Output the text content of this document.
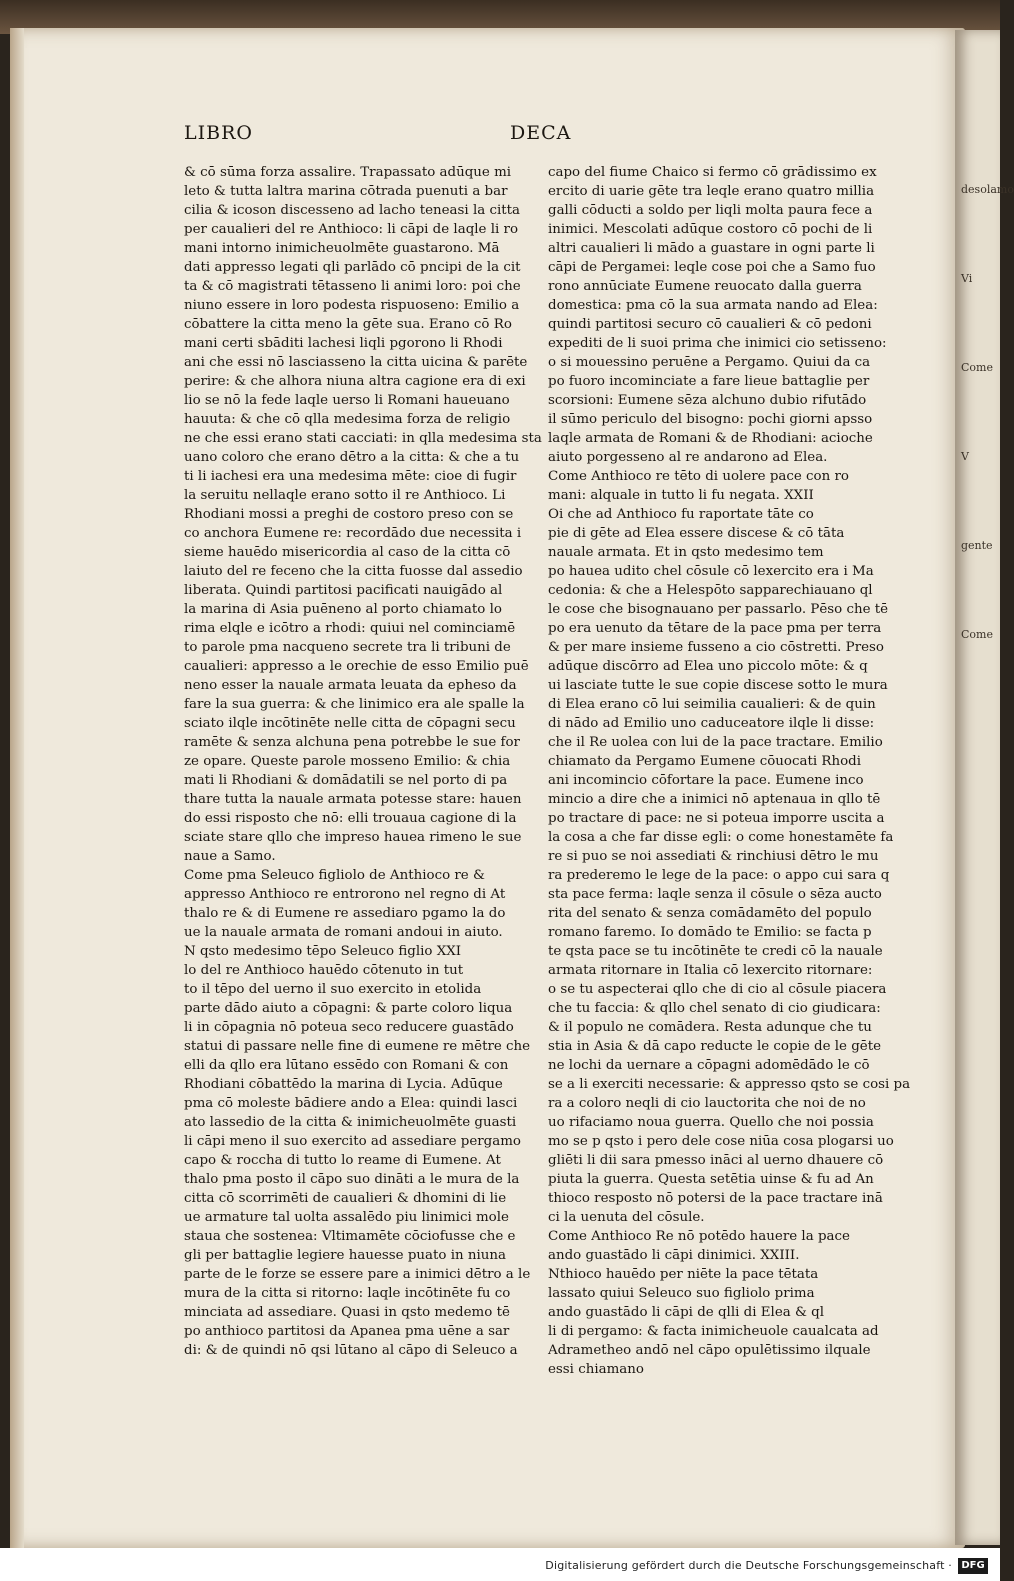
desolamo
Vi
Come
V
gente
Come
LIBRO	DECA
& cō sūma forza assalire. Trapassato adūque mi
leto & tutta laltra marina cōtrada puenuti a bar
cilia & icoson discesseno ad lacho teneasi la citta
per caualieri del re Anthioco: li cāpi de laqle li ro
mani intorno inimicheuolmēte guastarono. Mā
dati appresso legati qli parlādo cō pncipi de la cit
ta & cō magistrati tētasseno li animi loro: poi che
niuno essere in loro podesta rispuoseno: Emilio a
cōbattere la citta meno la gēte sua. Erano cō Ro
mani certi sbāditi lachesi liqli pgorono li Rhodi
ani che essi nō lasciasseno la citta uicina & parēte
perire: & che alhora niuna altra cagione era di exi
lio se nō la fede laqle uerso li Romani haueuano
hauuta: & che cō qlla medesima forza de religio
ne che essi erano stati cacciati: in qlla medesima sta
uano coloro che erano dētro a la citta: & che a tu
ti li iachesi era una medesima mēte: cioe di fugir
la seruitu nellaqle erano sotto il re Anthioco. Li
Rhodiani mossi a preghi de costoro preso con se
co anchora Eumene re: recordādo due necessita i
sieme hauēdo misericordia al caso de la citta cō
laiuto del re feceno che la citta fuosse dal assedio
liberata. Quindi partitosi pacificati nauigādo al
la marina di Asia puēneno al porto chiamato lo
rima elqle e icōtro a rhodi: quiui nel cominciamē
to parole pma nacqueno secrete tra li tribuni de
caualieri: appresso a le orechie de esso Emilio puē
neno esser la nauale armata leuata da epheso da
fare la sua guerra: & che linimico era ale spalle la
sciato ilqle incōtinēte nelle citta de cōpagni secu
ramēte & senza alchuna pena potrebbe le sue for
ze opare. Queste parole mosseno Emilio: & chia
mati li Rhodiani & domādatili se nel porto di pa
thare tutta la nauale armata potesse stare: hauen
do essi risposto che nō: elli trouaua cagione di la
sciate stare qllo che impreso hauea rimeno le sue
naue a Samo.
Come pma Seleuco figliolo de Anthioco re &
appresso Anthioco re entrorono nel regno di At
thalo re & di Eumene re assediaro pgamo la do
ue la nauale armata de romani andoui in aiuto.
N qsto medesimo tēpo Seleuco figlio XXI
lo del re Anthioco hauēdo cōtenuto in tut
to il tēpo del uerno il suo exercito in etolida
parte dādo aiuto a cōpagni: & parte coloro liqua
li in cōpagnia nō poteua seco reducere guastādo
statui di passare nelle fine di eumene re mētre che
elli da qllo era lūtano essēdo con Romani & con
Rhodiani cōbattēdo la marina di Lycia. Adūque
pma cō moleste bādiere ando a Elea: quindi lasci
ato lassedio de la citta & inimicheuolmēte guasti
li cāpi meno il suo exercito ad assediare pergamo
capo & roccha di tutto lo reame di Eumene. At
thalo pma posto il cāpo suo dināti a le mura de la
citta cō scorrimēti de caualieri & dhomini di lie
ue armature tal uolta assalēdo piu linimici mole
staua che sostenea: Vltimamēte cōciofusse che e
gli per battaglie legiere hauesse puato in niuna
parte de le forze se essere pare a inimici dētro a le
mura de la citta si ritorno: laqle incōtinēte fu co
minciata ad assediare. Quasi in qsto medemo tē
po anthioco partitosi da Apanea pma uēne a sar
di: & de quindi nō qsi lūtano al cāpo di Seleuco a
capo del fiume Chaico si fermo cō grādissimo ex
ercito di uarie gēte tra leqle erano quatro millia
galli cōducti a soldo per liqli molta paura fece a
inimici. Mescolati adūque costoro cō pochi de li
altri caualieri li mādo a guastare in ogni parte li
cāpi de Pergamei: leqle cose poi che a Samo fuo
rono annūciate Eumene reuocato dalla guerra
domestica: pma cō la sua armata nando ad Elea:
quindi partitosi securo cō caualieri & cō pedoni
expediti de li suoi prima che inimici cio setisseno:
o si mouessino peruēne a Pergamo. Quiui da ca
po fuoro incominciate a fare lieue battaglie per
scorsioni: Eumene sēza alchuno dubio rifutādo
il sūmo periculo del bisogno: pochi giorni apsso
laqle armata de Romani & de Rhodiani: acioche
aiuto porgesseno al re andarono ad Elea.
Come Anthioco re tēto di uolere pace con ro
mani: alquale in tutto li fu negata. XXII
Oi che ad Anthioco fu raportate tāte co
pie di gēte ad Elea essere discese & cō tāta
nauale armata. Et in qsto medesimo tem
po hauea udito chel cōsule cō lexercito era i Ma
cedonia: & che a Helespōto sapparechiauano ql
le cose che bisognauano per passarlo. Pēso che tē
po era uenuto da tētare de la pace pma per terra
& per mare insieme fusseno a cio cōstretti. Preso
adūque discōrro ad Elea uno piccolo mōte: & q
ui lasciate tutte le sue copie discese sotto le mura
di Elea erano cō lui seimilia caualieri: & de quin
di nādo ad Emilio uno caduceatore ilqle li disse:
che il Re uolea con lui de la pace tractare. Emilio
chiamato da Pergamo Eumene cōuocati Rhodi
ani incomincio cōfortare la pace. Eumene inco
mincio a dire che a inimici nō aptenaua in qllo tē
po tractare di pace: ne si poteua imporre uscita a
la cosa a che far disse egli: o come honestamēte fa
re si puo se noi assediati & rinchiusi dētro le mu
ra prederemo le lege de la pace: o appo cui sara q
sta pace ferma: laqle senza il cōsule o sēza aucto
rita del senato & senza comādamēto del populo
romano faremo. Io domādo te Emilio: se facta p
te qsta pace se tu incōtinēte te credi cō la nauale
armata ritornare in Italia cō lexercito ritornare:
o se tu aspecterai qllo che di cio al cōsule piacera
che tu faccia: & qllo chel senato di cio giudicara:
& il populo ne comādera. Resta adunque che tu
stia in Asia & dā capo reducte le copie de le gēte
ne lochi da uernare a cōpagni adomēdādo le cō
se a li exerciti necessarie: & appresso qsto se cosi pa
ra a coloro neqli di cio lauctorita che noi de no
uo rifaciamo noua guerra. Quello che noi possia
mo se p qsto i pero dele cose niūa cosa plogarsi uo
gliēti li dii sara pmesso ināci al uerno dhauere cō
piuta la guerra. Questa setētia uinse & fu ad An
thioco resposto nō potersi de la pace tractare inā
ci la uenuta del cōsule.
Come Anthioco Re nō potēdo hauere la pace
ando guastādo li cāpi dinimici. XXIII.
Nthioco hauēdo per niēte la pace tētata
lassato quiui Seleuco suo figliolo prima
ando guastādo li cāpi de qlli di Elea & ql
li di pergamo: & facta inimicheuole caualcata ad
Adrametheo andō nel cāpo opulētissimo ilquale
essi chiamano
Digitalisierung gefördert durch die Deutsche Forschungsgemeinschaft · DFG
